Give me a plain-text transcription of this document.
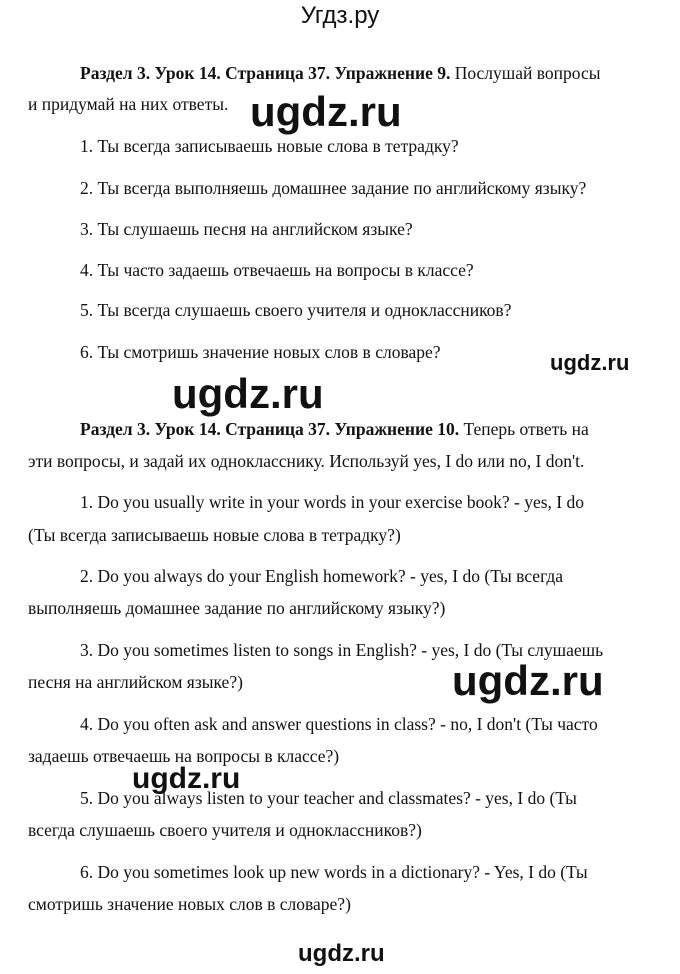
Угдз.ру
Раздел 3. Урок 14. Страница 37. Упражнение 9. Послушай вопросы
и придумай на них ответы.
1. Ты всегда записываешь новые слова в тетрадку?
2. Ты всегда выполняешь домашнее задание по английскому языку?
3. Ты слушаешь песня на английском языке?
4. Ты часто задаешь отвечаешь на вопросы в классе?
5. Ты всегда слушаешь своего учителя и одноклассников?
6. Ты смотришь значение новых слов в словаре?
Раздел 3. Урок 14. Страница 37. Упражнение 10. Теперь ответь на
эти вопросы, и задай их однокласснику. Используй yes, I do или no, I don't.
1. Do you usually write in your words in your exercise book? - yes, I do
(Ты всегда записываешь новые слова в тетрадку?)
2. Do you always do your English homework? - yes, I do (Ты всегда
выполняешь домашнее задание по английскому языку?)
3. Do you sometimes listen to songs in English? - yes, I do (Ты слушаешь
песня на английском языке?)
4. Do you often ask and answer questions in class? - no, I don't (Ты часто
задаешь отвечаешь на вопросы в классе?)
5. Do you always listen to your teacher and classmates? - yes, I do (Ты
всегда слушаешь своего учителя и одноклассников?)
6. Do you sometimes look up new words in a dictionary? - Yes, I do (Ты
смотришь значение новых слов в словаре?)
ugdz.ru
ugdz.ru
ugdz.ru
ugdz.ru
ugdz.ru
ugdz.ru
